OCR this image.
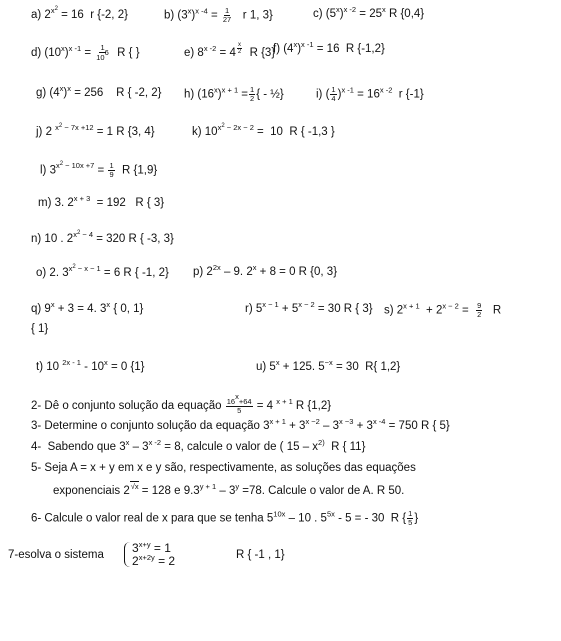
a) $2^{x^2} = 16$  r {-2, 2}	b) $(3^x)^{x -4} = \frac{1}{27}$ r 1, 3}	c) $(5^x)^{x -2} = 25^x$ R {0,4}
d) $(10^x)^{x -1} = \frac{1}{10^6}$ R { }	e) $8^{x -2} = 4$ $^{\frac{x}{2}}$ R {3}
f) $(4^x)^{x -1} = 16$  R {-1,2}
g) $(4^x)^x = 256$    R { -2, 2} h) $(16^x)^{x + 1} = \frac{1}{2}$ { - ½}	i) ( $\frac{1}{4} )^{x -1} = 16^{x -2}$  r {-1}
j) 2 $^{x^2 - 7x +12}$ = 1 R {3, 4}	k) $10^{x^2 - 2x - 2} = 10$  R { -1,3 }
l) $3^{x^2 - 10x +7} = \frac{1}{9}$ R {1,9}
m) 3. $2^{x + 3} = 192$   R { 3}
n) 10 . $2^{x^2 - 4} = 320$ R { -3, 3}
o) 2. $3^{x^2 - x - 1} = 6$ R { -1, 2} p) $2^{2x} - 9$. $2^x + 8 = 0$ R {0, 3}
q) $9^x + 3 = 4$. 3$^x$ { 0, 1}	r) $5^{x - 1} + 5^{x - 2} = 30$ R { 3} s) $2^{x + 1} + 2^{x - 2} = \frac{9}{2}$ R
{ 1}
t) 10 $^{2x - 1} - 10^x = 0$ {1}	u) $5^x + 125$. $5^{-x} = 30$  R{ 1,2}
2- Dê o conjunto solução da equação $\frac{16^x+64}{5} = 4$ $^{x + 1}$ R {1,2}
3- Determine o conjunto solução da equação $3^{x + 1} + 3^{x -2} - 3^{x -3} + 3^{x -4} = 750$ R { 5}
4-  Sabendo que $3^x - 3^{x -2} = 8$, calcule o valor de ( $15 - x^{2)}$  R { 11}
5- Seja A = x + y em x e y são, respectivamente, as soluções das equações
exponenciais $2^{√x} = 128$ e $9.3^{y + 1} - 3^y =78$. Calcule o valor de A. R 50.
6- Calcule o valor real de x para que se tenha $5^{10x} - 10$ . $5^{5x} - 5$ = - 30  R { $\frac{1}{5}$ }
7-esolva o sistema $3^{x+y} = 1$
$2^{x+2y} = 2$	R { -1 , 1}
